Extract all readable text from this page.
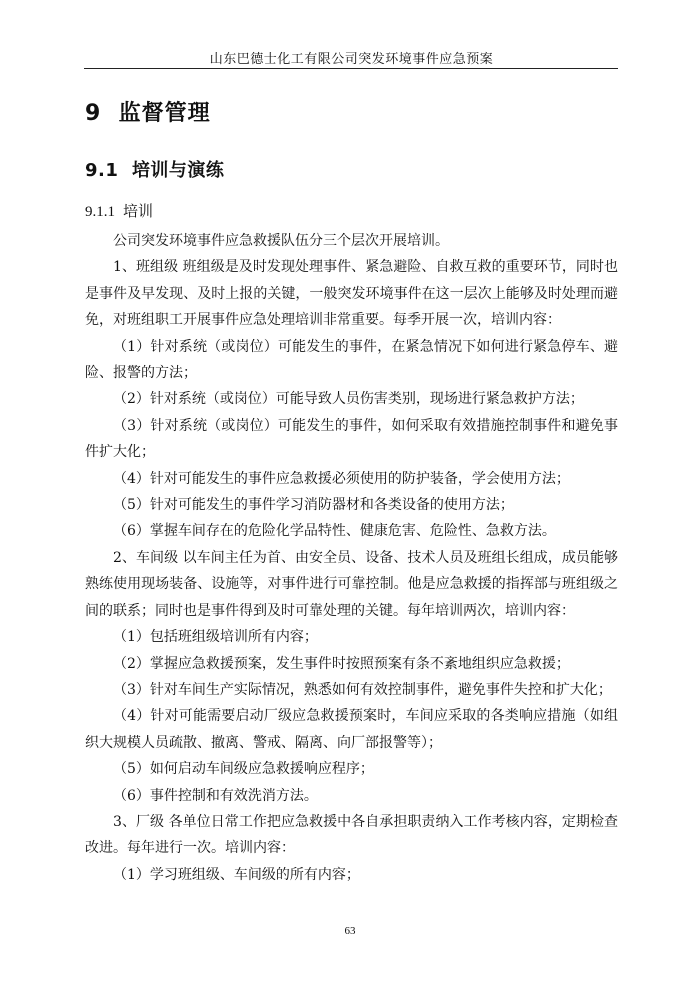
山东巴德士化工有限公司突发环境事件应急预案
9 监督管理
9.1 培训与演练
9.1.1 培训

公司突发环境事件应急救援队伍分三个层次开展培训。

1、班组级 班组级是及时发现处理事件、紧急避险、自救互救的重要环节，同时也是事件及早发现、及时上报的关键，一般突发环境事件在这一层次上能够及时处理而避免，对班组职工开展事件应急处理培训非常重要。每季开展一次，培训内容：

（1）针对系统（或岗位）可能发生的事件，在紧急情况下如何进行紧急停车、避险、报警的方法；

（2）针对系统（或岗位）可能导致人员伤害类别，现场进行紧急救护方法；

（3）针对系统（或岗位）可能发生的事件，如何采取有效措施控制事件和避免事件扩大化；

（4）针对可能发生的事件应急救援必须使用的防护装备，学会使用方法；

（5）针对可能发生的事件学习消防器材和各类设备的使用方法；

（6）掌握车间存在的危险化学品特性、健康危害、危险性、急救方法。

2、车间级 以车间主任为首、由安全员、设备、技术人员及班组长组成，成员能够熟练使用现场装备、设施等，对事件进行可靠控制。他是应急救援的指挥部与班组级之间的联系；同时也是事件得到及时可靠处理的关键。每年培训两次，培训内容：

（1）包括班组级培训所有内容；

（2）掌握应急救援预案，发生事件时按照预案有条不紊地组织应急救援；

（3）针对车间生产实际情况，熟悉如何有效控制事件，避免事件失控和扩大化；

（4）针对可能需要启动厂级应急救援预案时，车间应采取的各类响应措施（如组织大规模人员疏散、撤离、警戒、隔离、向厂部报警等）；

（5）如何启动车间级应急救援响应程序；

（6）事件控制和有效洗消方法。

3、厂级 各单位日常工作把应急救援中各自承担职责纳入工作考核内容，定期检查改进。每年进行一次。培训内容：

（1）学习班组级、车间级的所有内容；

63
